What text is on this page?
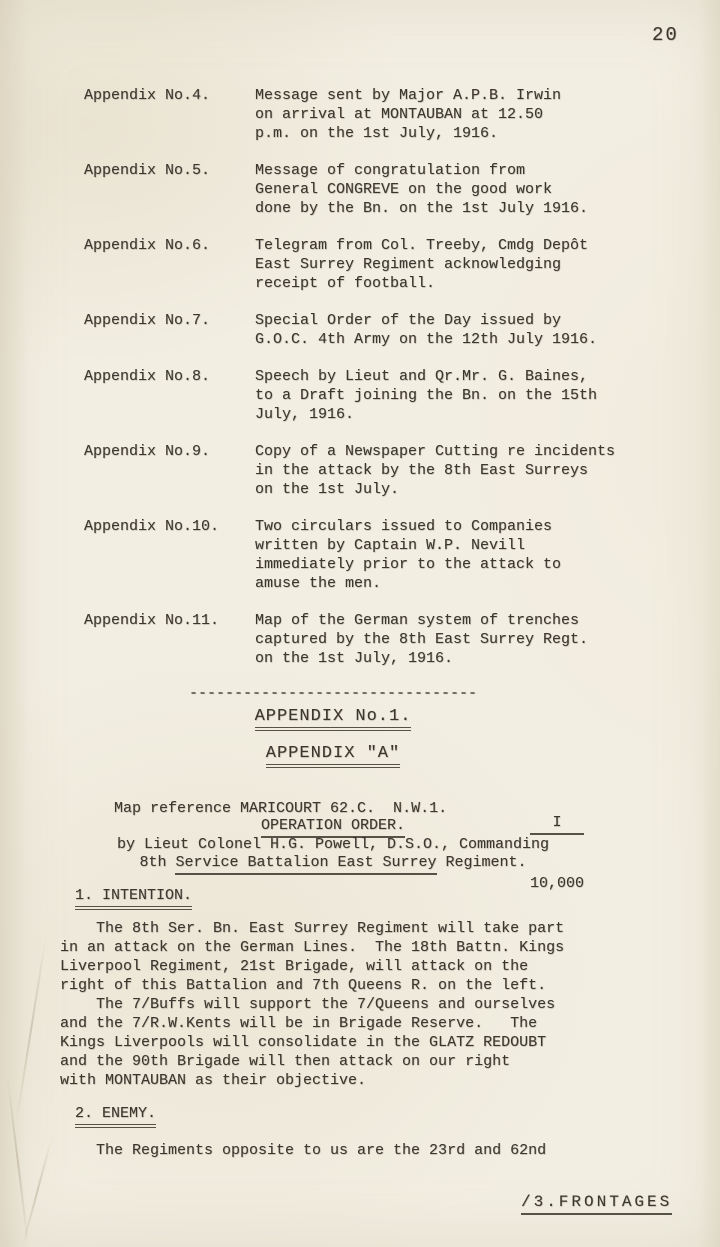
20
Appendix No.4.	Message sent by Major A.P.B. Irwin
on arrival at MONTAUBAN at 12.50
p.m. on the 1st July, 1916.
Appendix No.5.	Message of congratulation from
General CONGREVE on the good work
done by the Bn. on the 1st July 1916.
Appendix No.6.	Telegram from Col. Treeby, Cmdg Depôt
East Surrey Regiment acknowledging
receipt of football.
Appendix No.7.	Special Order of the Day issued by
G.O.C. 4th Army on the 12th July 1916.
Appendix No.8.	Speech by Lieut and Qr.Mr. G. Baines,
to a Draft joining the Bn. on the 15th
July, 1916.
Appendix No.9.	Copy of a Newspaper Cutting re incidents
in the attack by the 8th East Surreys
on the 1st July.
Appendix No.10.	Two circulars issued to Companies
written by Captain W.P. Nevill
immediately prior to the attack to
amuse the men.
Appendix No.11.	Map of the German system of trenches
captured by the 8th East Surrey Regt.
on the 1st July, 1916.
--------------------------------
APPENDIX No.1.
APPENDIX "A"

Map reference MARICOURT 62.C.  N.W.1.

	$\frac{I}{10,000}$

OPERATION ORDER.
by Lieut Colonel H.G. Powell, D.S.O., Commanding
8th Service Battalion East Surrey Regiment.
1. INTENTION.
The 8th Ser. Bn. East Surrey Regiment will take part
in an attack on the German Lines.  The 18th Battn. Kings
Liverpool Regiment, 21st Brigade, will attack on the
right of this Battalion and 7th Queens R. on the left.
The 7/Buffs will support the 7/Queens and ourselves
and the 7/R.W.Kents will be in Brigade Reserve.   The
Kings Liverpools will consolidate in the GLATZ REDOUBT
and the 90th Brigade will then attack on our right
with MONTAUBAN as their objective.
2. ENEMY.
The Regiments opposite to us are the 23rd and 62nd
/3.FRONTAGES
